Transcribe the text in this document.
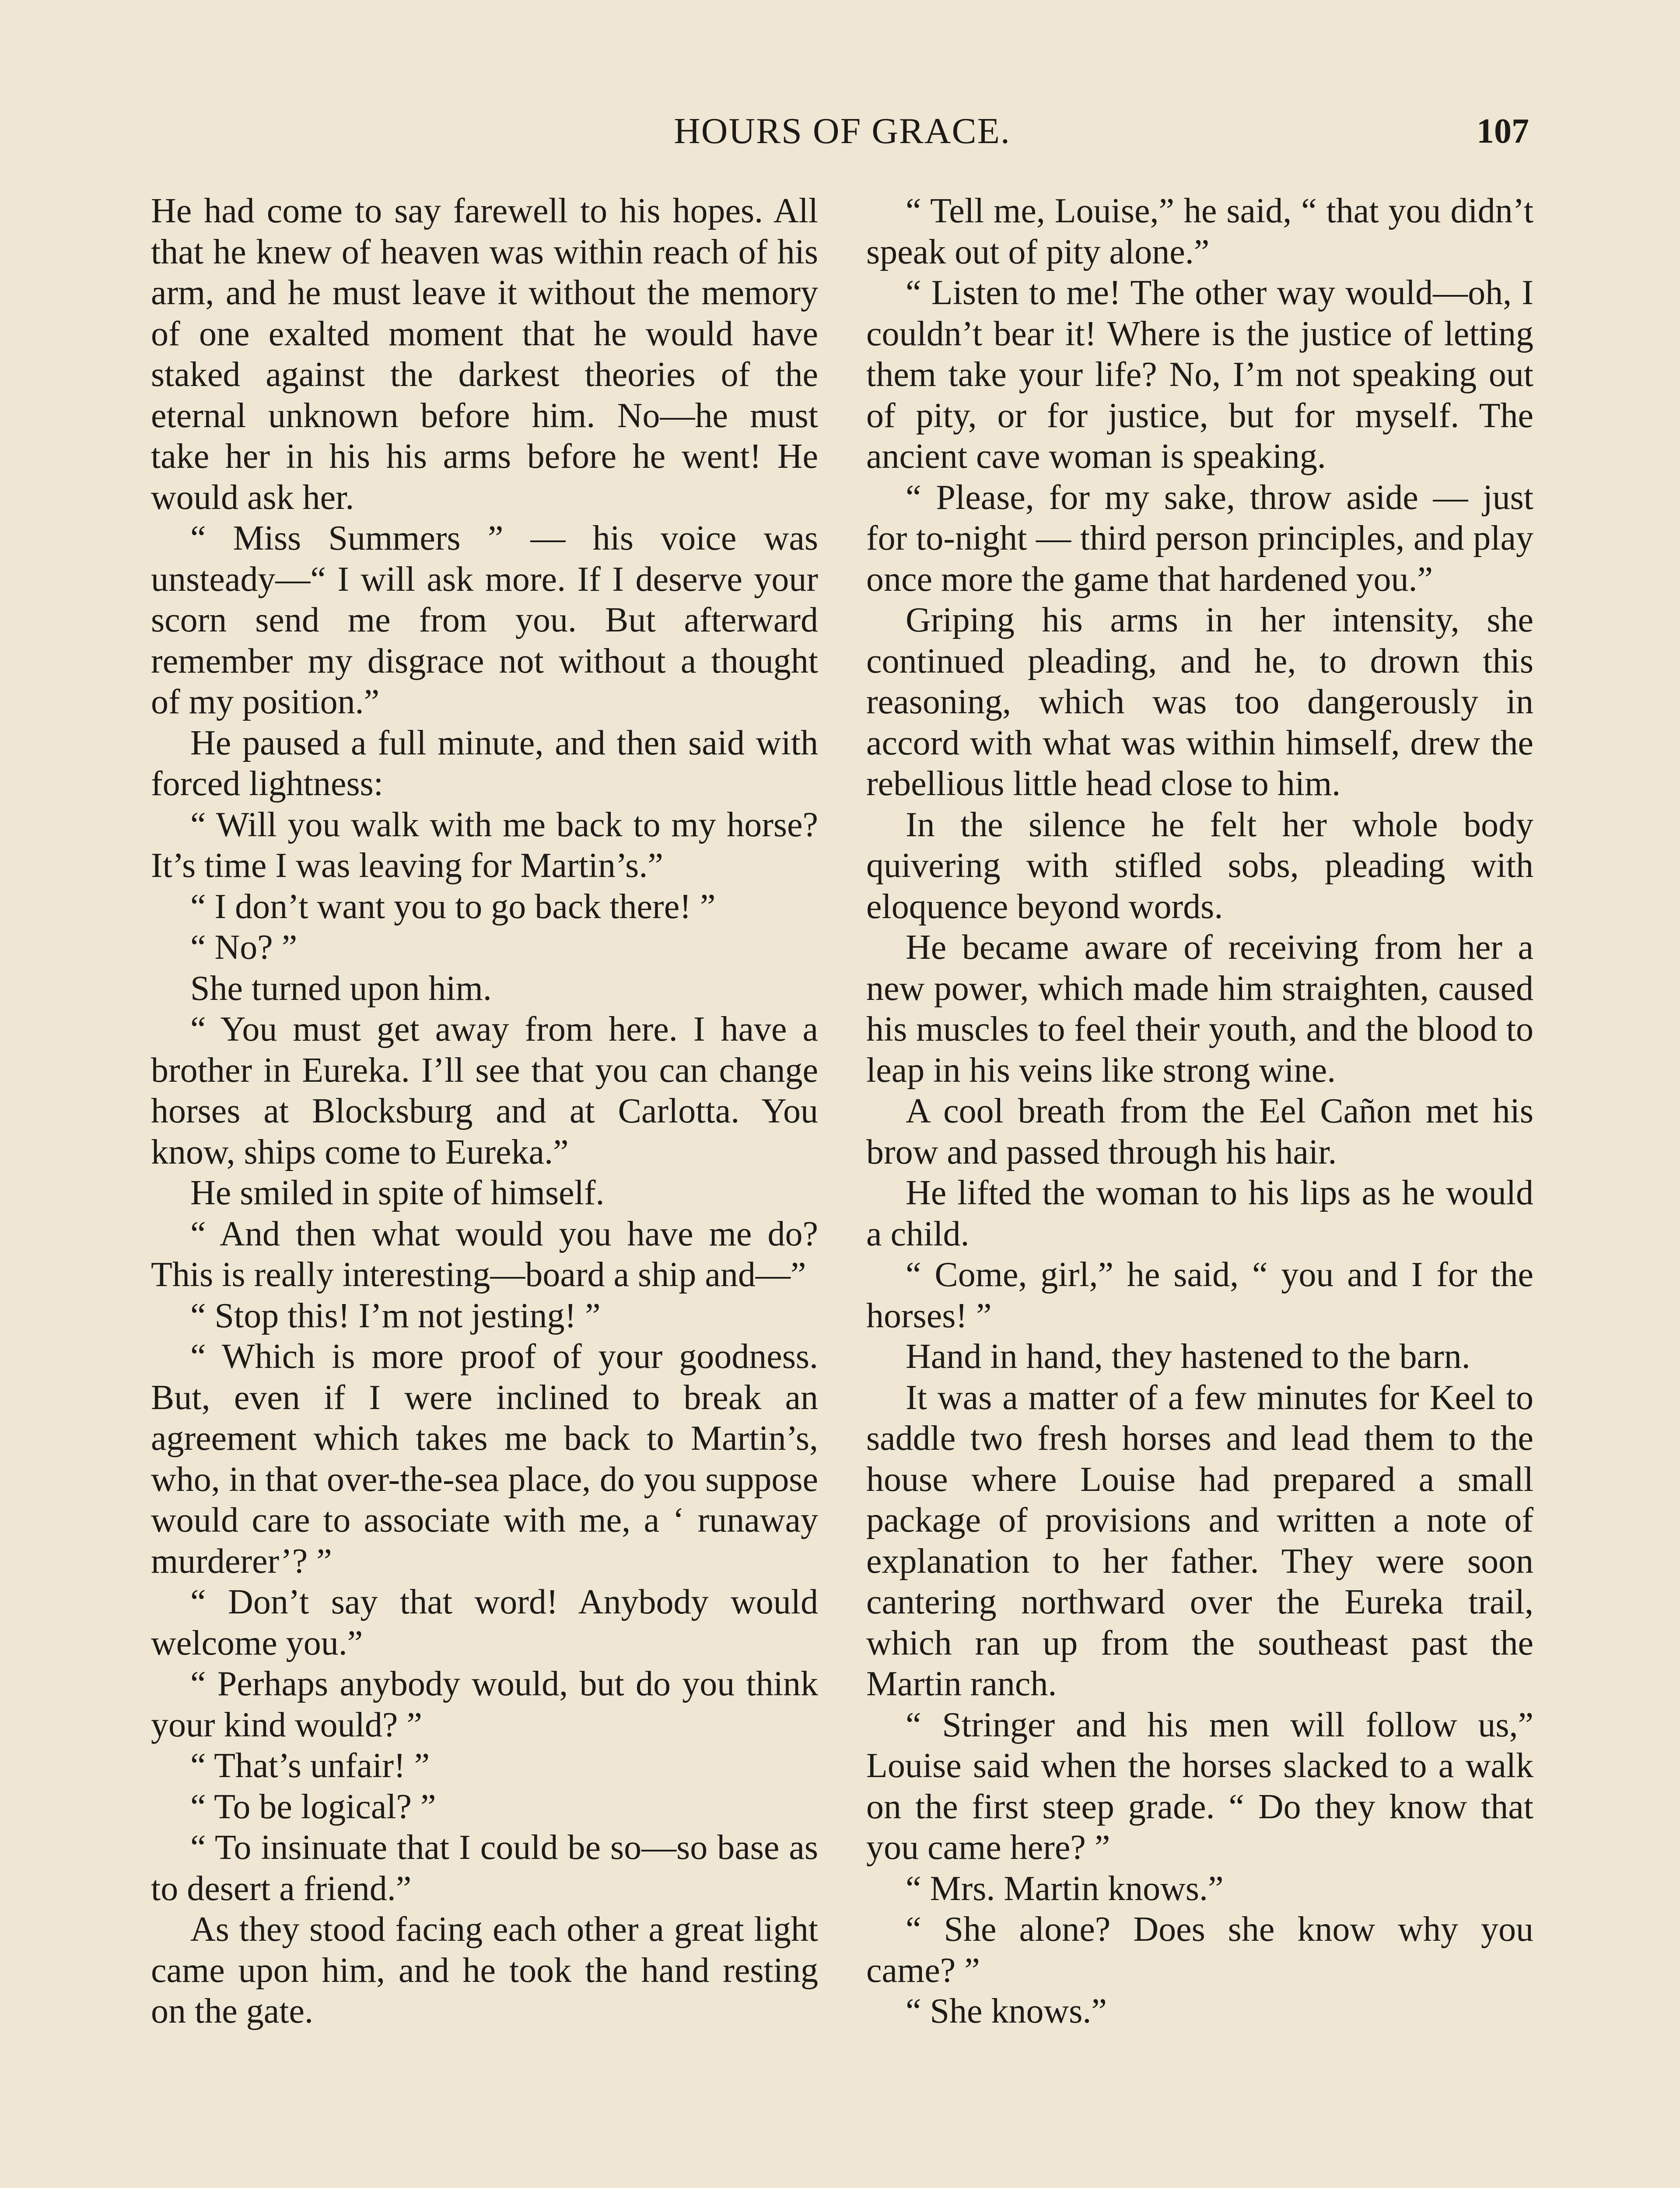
HOURS OF GRACE.	107

He had come to say farewell to his hopes. All that he knew of heaven was within reach of his arm, and he must leave it without the memory of one exalted moment that he would have staked against the darkest theories of the eternal unknown before him. No—he must take her in his his arms before he went! He would ask her.

“ Miss Summers ” — his voice was unsteady—“ I will ask more. If I deserve your scorn send me from you. But afterward remember my disgrace not without a thought of my position.”

He paused a full minute, and then said with forced lightness:

“ Will you walk with me back to my horse? It’s time I was leaving for Martin’s.”

“ I don’t want you to go back there! ”

“ No? ”

She turned upon him.

“ You must get away from here. I have a brother in Eureka. I’ll see that you can change horses at Blocksburg and at Carlotta. You know, ships come to Eureka.”

He smiled in spite of himself.

“ And then what would you have me do? This is really interesting—board a ship and—”

“ Stop this! I’m not jesting! ”

“ Which is more proof of your goodness. But, even if I were inclined to break an agreement which takes me back to Martin’s, who, in that over-the-sea place, do you suppose would care to associate with me, a ‘ runaway murderer’? ”

“ Don’t say that word! Anybody would welcome you.”

“ Perhaps anybody would, but do you think your kind would? ”

“ That’s unfair! ”

“ To be logical? ”

“ To insinuate that I could be so—so base as to desert a friend.”

As they stood facing each other a great light came upon him, and he took the hand resting on the gate.

“ Tell me, Louise,” he said, “ that you didn’t speak out of pity alone.”

“ Listen to me! The other way would—oh, I couldn’t bear it! Where is the justice of letting them take your life? No, I’m not speaking out of pity, or for justice, but for myself. The ancient cave woman is speaking.

“ Please, for my sake, throw aside — just for to-night — third person principles, and play once more the game that hardened you.”

Griping his arms in her intensity, she continued pleading, and he, to drown this reasoning, which was too dangerously in accord with what was within himself, drew the rebellious little head close to him.

In the silence he felt her whole body quivering with stifled sobs, pleading with eloquence beyond words.

He became aware of receiving from her a new power, which made him straighten, caused his muscles to feel their youth, and the blood to leap in his veins like strong wine.

A cool breath from the Eel Cañon met his brow and passed through his hair.

He lifted the woman to his lips as he would a child.

“ Come, girl,” he said, “ you and I for the horses! ”

Hand in hand, they hastened to the barn.

It was a matter of a few minutes for Keel to saddle two fresh horses and lead them to the house where Louise had prepared a small package of provisions and written a note of explanation to her father. They were soon cantering northward over the Eureka trail, which ran up from the southeast past the Martin ranch.

“ Stringer and his men will follow us,” Louise said when the horses slacked to a walk on the first steep grade. “ Do they know that you came here? ”

“ Mrs. Martin knows.”

“ She alone? Does she know why you came? ”

“ She knows.”
